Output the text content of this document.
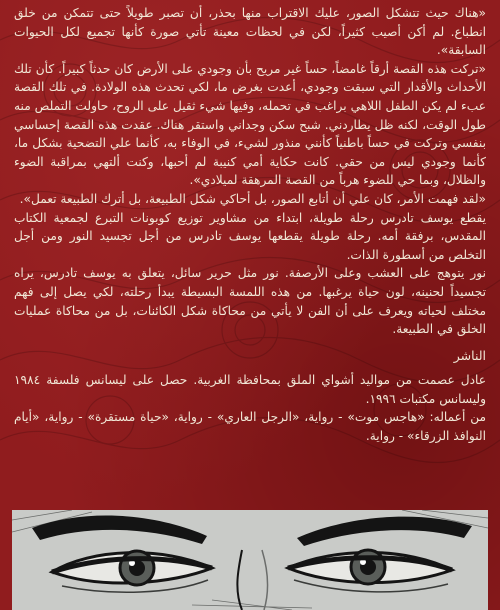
«هناك حيث تتشكل الصور، عليك الاقتراب منها بحذر، أن تصبر طويلاً حتى تتمكن من خلق انطباع. لم أكن أصيب كثيراً، لكن في لحظات معينة تأتي صورة كأنها تجميع لكل الحيوات السابقة».

«تركت هذه القصة أرقاً غامضاً، حساً غير مريح بأن وجودي على الأرض كان حدثاً كبيراً. كأن تلك الأحداث والأقدار التي سبقت وجودي، أعدت بغرض ما، لكي تحدث هذه الولادة. في تلك القصة عبء لم يكن الطفل اللاهي براغب في تحمله، وفيها شيء ثقيل على الروح، حاولت التملص منه طول الوقت، لكنه ظل يطاردني. شبح سكن وجداني واستقر هناك. عقدت هذه القصة إحساسي بنفسي وتركت في حساً باطنياً كأنني منذور لشيء، في الوفاء به، كأنما علي التضحية بشكل ما، كأنما وجودي ليس من حقي. كانت حكاية أمي كنيبة لم أحبها، وكنت ألتهي بمراقبة الضوء والظلال، وبما حي للضوء هرباً من القصة المرهقة لميلادي».

«لقد فهمت الأمر، كان علي أن أتابع الصور، بل أحاكي شكل الطبيعة، بل أترك الطبيعة تعمل».

يقطع يوسف تادرس رحلة طويلة، ابتداء من مشاوير توزيع كوبونات التبرع لجمعية الكتاب المقدس، برفقة أمه. رحلة طويلة يقطعها يوسف تادرس من أجل تجسيد النور ومن أجل التخلص من أسطورة الذات.

نور يتوهج على العشب وعلى الأرصفة. نور مثل حرير سائل، يتعلق به يوسف تادرس، يراه تجسيداً لحنينه، لون حياة يرغبها. من هذه اللمسة البسيطة يبدأ رحلته، لكي يصل إلى فهم مختلف لحياته ويعرف على أن الفن لا يأتي من محاكاة شكل الكائنات، بل من محاكاة عمليات الخلق في الطبيعة.

الناشر

عادل عصمت من مواليد أشواي الملق بمحافظة الغربية. حصل على ليسانس فلسفة ١٩٨٤ وليسانس مكتبات ١٩٩٦.

من أعماله: «هاجس موت» - رواية، «الرجل العاري» - رواية، «حياة مستقرة» - رواية، «أيام النوافذ الزرقاء» - رواية.
